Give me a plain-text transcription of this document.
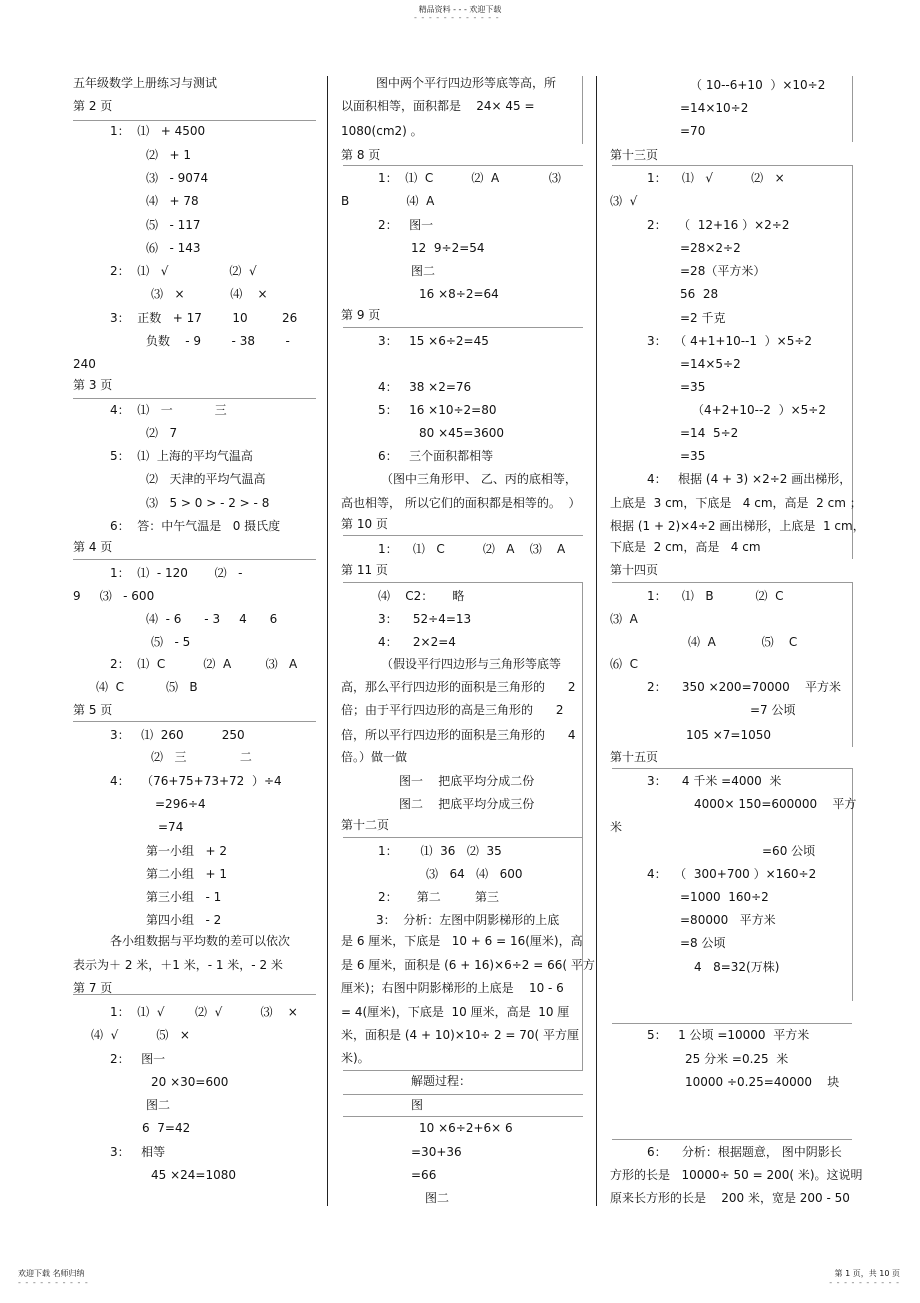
精品资料 - - - 欢迎下载
- - - - - - - - - - - -
五年级数学上册练习与测试
第 2 页
1：  ⑴   + 4500
⑵   + 1
⑶   - 9074
⑷   + 78
⑸   - 117
⑹   - 143
2：  ⑴   √                ⑵  √
⑶   ×            ⑷    ×
3：  正数   + 17        10         26
负数    - 9        - 38        -
240
第 3 页
4：  ⑴   一           三
⑵   7
5：  ⑴  上海的平均气温高
⑵   天津的平均气温高
⑶   5 > 0 > - 2 > - 8
6：  答：中午气温是   0 摄氏度
第 4 页
1：  ⑴  - 120       ⑵   -
9     ⑶   - 600
⑷  - 6      - 3     4      6
⑸   - 5
2：  ⑴  C          ⑵  A         ⑶   A
⑷  C           ⑸   B
第 5 页
3：   ⑴  260          250
⑵   三              二
4：   （76+75+73+72  ）÷4
=296÷4
=74
第一小组   + 2
第二小组   + 1
第三小组   - 1
第四小组   - 2
各小组数据与平均数的差可以依次
表示为＋ 2 米，＋1 米，- 1 米，- 2 米
第 7 页
1：  ⑴  √        ⑵  √          ⑶    ×
⑷  √          ⑸   ×
2：   图一
20 ×30=600
图二
6  7=42
3：   相等
45 ×24=1080
图中两个平行四边形等底等高，所
以面积相等，面积都是    24× 45 =
1080(cm2) 。
第 8 页
1：  ⑴  C          ⑵  A             ⑶
B               ⑷  A
2：   图一
12  9÷2=54
图二
16 ×8÷2=64
第 9 页
3：   15 ×6÷2=45
4：   38 ×2=76
5：   16 ×10÷2=80
80 ×45=3600
6：   三个面积都相等
（图中三角形甲、 乙、丙的底相等，
高也相等， 所以它们的面积都是相等的。  ）
第 10 页
1：    ⑴   C          ⑵   A    ⑶    A
第 11 页
⑷    C2：     略
3：    52÷4=13
4：    2×2=4
（假设平行四边形与三角形等底等
高，那么平行四边形的面积是三角形的      2
倍；由于平行四边形的高是三角形的      2
倍，所以平行四边形的面积是三角形的      4
倍。）做一做
图一    把底平均分成二份
图二    把底平均分成三份
第十二页
1：      ⑴  36   ⑵  35
⑶   64   ⑷   600
2：     第二         第三
3：  分析：左图中阴影梯形的上底
是 6 厘米，下底是   10 + 6 = 16(厘米)，高
是 6 厘米，面积是 (6 + 16)×6÷2 = 66( 平方
厘米)；右图中阴影梯形的上底是    10 - 6
= 4(厘米)，下底是  10 厘米，高是  10 厘
米，面积是 (4 + 10)×10÷ 2 = 70( 平方厘
米)。
解题过程：
图
10 ×6÷2+6× 6
=30+36
=66
图二
（ 10--6+10  ）×10÷2
=14×10÷2
=70
第十三页
1：    ⑴   √          ⑵   ×
⑶  √
2：   （  12+16 ）×2÷2
=28×2÷2
=28（平方米）
56  28
=2 千克
3：  （ 4+1+10--1  ）×5÷2
=14×5÷2
=35
（4+2+10--2  ）×5÷2
=14  5÷2
=35
4：   根据 (4 + 3) ×2÷2 画出梯形，
上底是  3 cm，下底是   4 cm，高是  2 cm ；
根据 (1 + 2)×4÷2 画出梯形，上底是  1 cm，
下底是  2 cm，高是   4 cm
第十四页
1：    ⑴   B           ⑵  C
⑶  A
⑷  A            ⑸    C
⑹  C
2：    350 ×200=70000    平方米
=7 公顷
105 ×7=1050
第十五页
3：    4 千米 =4000  米
4000× 150=600000    平方
米
=60 公顷
4：  （  300+700 ）×160÷2
=1000  160÷2
=80000   平方米
=8 公顷
4   8=32(万株)
5：   1 公顷 =10000  平方米
25 分米 =0.25  米
10000 ÷0.25=40000    块
6：    分析：根据题意， 图中阴影长
方形的长是   10000÷ 50 = 200( 米)。这说明
原来长方形的长是    200 米，宽是 200 - 50
欢迎下载 名师归纳	第 1 页，共 10 页
- - - - - - - - - -	- - - - - - - - - -
